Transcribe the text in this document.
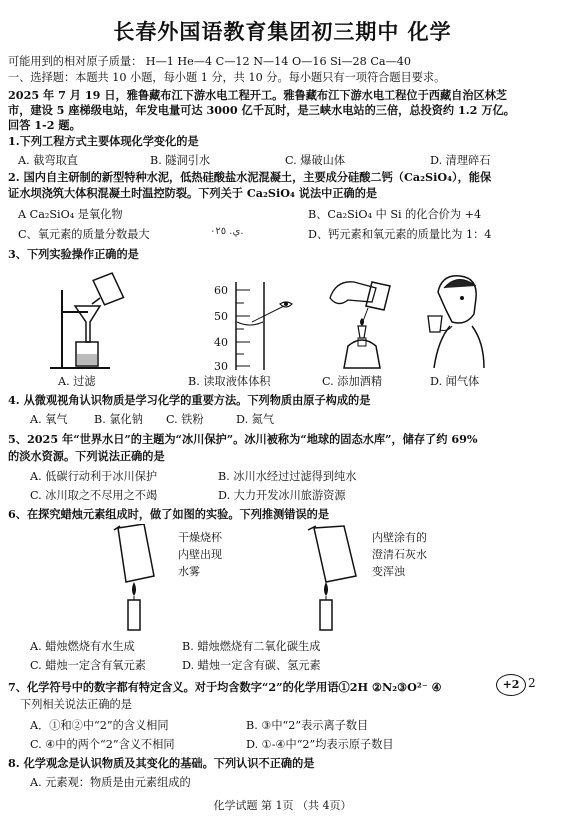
长春外国语教育集团初三期中 化学
可能用到的相对原子质量： H—1 He—4 C—12 N—14 O—16 Si—28 Ca—40
一、选择题：本题共 10 小题，每小题 1 分，共 10 分。每小题只有一项符合题目要求。
2025 年 7 月 19 日，雅鲁藏布江下游水电工程开工。雅鲁藏布江下游水电工程位于西藏自治区林芝
市，建设 5 座梯级电站，年发电量可达 3000 亿千瓦时，是三峡水电站的三倍，总投资约 1.2 万亿。
回答 1-2 题。
1.下列工程方式主要体现化学变化的是
A. 截弯取直	B. 隧洞引水	C. 爆破山体	D. 清理碎石
2. 国内自主研制的新型特种水泥，低热硅酸盐水泥混凝土，主要成分硅酸二钙（Ca₂SiO₄），能保
证水坝浇筑大体积混凝土时温控防裂。下列关于 Ca₂SiO₄ 说法中正确的是
A Ca₂SiO₄ 是氧化物	B、Ca₂SiO₄ 中 Si 的化合价为 +4
C、氧元素的质量分数最大	ي. ٠٢٥.	D、钙元素和氧元素的质量比为 1：4
3、下列实验操作正确的是
A. 过滤
60
50
40
30
B. 读取液体体积	C. 添加酒精	D. 闻气体
4. 从微观视角认识物质是学习化学的重要方法。下列物质由原子构成的是
A. 氧气 B. 氯化钠 C. 铁粉	D. 氮气
5、2025 年“世界水日”的主题为“冰川保护”。冰川被称为“地球的固态水库”，储存了约 69%
的淡水资源。下列说法正确的是
A. 低碳行动利于冰川保护	B. 冰川水经过过滤得到纯水
C. 冰川取之不尽用之不竭	D. 大力开发冰川旅游资源
6、在探究蜡烛元素组成时，做了如图的实验。下列推测错误的是
干燥烧杯
内壁出现
水雾
内壁涂有的
澄清石灰水
变浑浊
A. 蜡烛燃烧有水生成	B. 蜡烛燃烧有二氧化碳生成
C. 蜡烛一定含有氧元素	D. 蜡烛一定含有碳、氢元素
7、化学符号中的数字都有特定含义。对于均含数字“2”的化学用语①2H ②N₂③O²⁻ ④	+2 2
下列相关说法正确的是
A．①和②中“2”的含义相同	B. ③中“2”表示离子数目
C. ④中的两个“2”含义不相同	D. ①-④中“2”均表示原子数目
8. 化学观念是认识物质及其变化的基础。下列认识不正确的是
A. 元素观：物质是由元素组成的
化学试题 第 1页 （共 4页）
